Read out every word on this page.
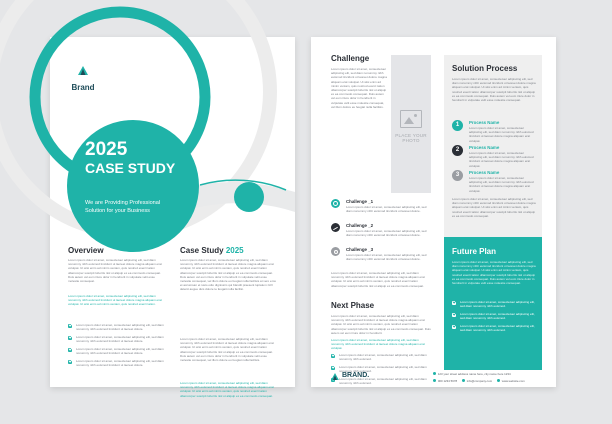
Brand
2025
CASE STUDY
We are Providing Professional
Solution for your Business
Overview

Lorem ipsum dolor sit amet, consectetuer adipiscing elit, sed diam nonummy nibh euismod tincidunt ut laoreet dolore magna aliquam erat volutpat. Ut wisi enim ad minim veniam, quis nostrud exerci tation ullamcorper suscipit lobortis nisl ut aliquip ex ea commodo consequat. Duis autem vel eum iriure dolor in hendrerit in vulputate velit esse molestie consequat.

Lorem ipsum dolor sit amet, consectetuer adipiscing elit, sed diam nonummy nibh euismod tincidunt ut laoreet dolore magna aliquam erat volutpat. Ut wisi enim ad minim veniam, quis nostrud exerci tation.

Lorem ipsum dolor sit amet, consectetuer adipiscing elit, sed diam nonummy nibh euismod tincidunt ut laoreet dolore.
Lorem ipsum dolor sit amet, consectetuer adipiscing elit, sed diam nonummy nibh euismod tincidunt ut laoreet dolore.
Lorem ipsum dolor sit amet, consectetuer adipiscing elit, sed diam nonummy nibh euismod tincidunt ut laoreet dolore.
Lorem ipsum dolor sit amet, consectetuer adipiscing elit, sed diam nonummy nibh euismod tincidunt ut laoreet dolore.
Case Study 2025

Lorem ipsum dolor sit amet, consectetuer adipiscing elit, sed diam nonummy nibh euismod tincidunt ut laoreet dolore magna aliquam erat volutpat. Ut wisi enim ad minim veniam, quis nostrud exerci tation ullamcorper suscipit lobortis nisl ut aliquip ex ea commodo consequat. Duis autem vel eum iriure dolor in hendrerit in vulputate velit esse molestie consequat, vel illum dolore eu feugiat nulla facilisis at vero eros et accumsan et iusto odio dignissim qui blandit praesent luptatum zzril delenit augue duis dolore te feugait nulla facilisi.

Lorem ipsum dolor sit amet, consectetuer adipiscing elit, sed diam nonummy nibh euismod tincidunt ut laoreet dolore magna aliquam erat volutpat. Ut wisi enim ad minim veniam, quis nostrud exerci tation ullamcorper suscipit lobortis nisl ut aliquip ex ea commodo consequat. Duis autem vel eum iriure dolor in hendrerit in vulputate velit esse molestie consequat, vel illum dolore eu feugiat nulla facilisis.

Lorem ipsum dolor sit amet, consectetuer adipiscing elit, sed diam nonummy nibh euismod tincidunt ut laoreet dolore magna aliquam erat volutpat. Ut wisi enim ad minim veniam, quis nostrud exerci tation ullamcorper suscipit lobortis nisl ut aliquip ex ea commodo consequat.

Challenge

Lorem ipsum dolor sit amet, consectetuer adipiscing elit, sed diam nonummy nibh euismod tincidunt ut laoreet dolore magna aliquam erat volutpat. Ut wisi enim ad minim veniam, quis nostrud exerci tation ullamcorper suscipit lobortis nisl ut aliquip ex ea commodo consequat. Duis autem vel eum iriure dolor in hendrerit in vulputate velit esse molestie consequat, vel illum dolore eu feugiat nulla facilisis.

PLACE YOUR
PHOTO
Challenge _1

Lorem ipsum dolor sit amet, consectetuer adipiscing elit, sed diam nonummy nibh euismod tincidunt ut laoreet dolore.

Challenge _2

Lorem ipsum dolor sit amet, consectetuer adipiscing elit, sed diam nonummy nibh euismod tincidunt ut laoreet dolore.

Challenge _3

Lorem ipsum dolor sit amet, consectetuer adipiscing elit, sed diam nonummy nibh euismod tincidunt ut laoreet dolore.

Lorem ipsum dolor sit amet, consectetuer adipiscing elit, sed diam nonummy nibh euismod tincidunt ut laoreet dolore magna aliquam erat volutpat. Ut wisi enim ad minim veniam, quis nostrud exerci tation ullamcorper suscipit lobortis nisl ut aliquip ex ea commodo consequat.

Next Phase

Lorem ipsum dolor sit amet, consectetuer adipiscing elit, sed diam nonummy nibh euismod tincidunt ut laoreet dolore magna aliquam erat volutpat. Ut wisi enim ad minim veniam, quis nostrud exerci tation ullamcorper suscipit lobortis nisl ut aliquip ex ea commodo consequat. Duis autem vel eum iriure dolor in hendrerit.

Lorem ipsum dolor sit amet, consectetuer adipiscing elit, sed diam nonummy nibh euismod tincidunt ut laoreet dolore magna aliquam erat volutpat.

Lorem ipsum dolor sit amet, consectetuer adipiscing elit, sed diam nonummy nibh euismod.
Lorem ipsum dolor sit amet, consectetuer adipiscing elit, sed diam nonummy nibh euismod.
Lorem ipsum dolor sit amet, consectetuer adipiscing elit, sed diam nonummy nibh euismod.
Solution Process

Lorem ipsum dolor sit amet, consectetuer adipiscing elit, sed diam nonummy nibh euismod tincidunt ut laoreet dolore magna aliquam erat volutpat. Ut wisi enim ad minim veniam, quis nostrud exerci tation ullamcorper suscipit lobortis nisl ut aliquip ex ea commodo consequat. Duis autem vel eum iriure dolor in hendrerit in vulputate velit esse molestie consequat.

1	Process Name

Lorem ipsum dolor sit amet, consectetuer adipiscing elit, sed diam nonummy nibh euismod tincidunt ut laoreet dolore magna aliquam erat volutpat.

2	Process Name

Lorem ipsum dolor sit amet, consectetuer adipiscing elit, sed diam nonummy nibh euismod tincidunt ut laoreet dolore magna aliquam erat volutpat.

3	Process Name

Lorem ipsum dolor sit amet, consectetuer adipiscing elit, sed diam nonummy nibh euismod tincidunt ut laoreet dolore magna aliquam erat volutpat.

Lorem ipsum dolor sit amet, consectetuer adipiscing elit, sed diam nonummy nibh euismod tincidunt ut laoreet dolore magna aliquam erat volutpat. Ut wisi enim ad minim veniam, quis nostrud exerci tation ullamcorper suscipit lobortis nisl ut aliquip ex ea commodo consequat.

Future Plan

Lorem ipsum dolor sit amet, consectetuer adipiscing elit, sed diam nonummy nibh euismod tincidunt ut laoreet dolore magna aliquam erat volutpat. Ut wisi enim ad minim veniam, quis nostrud exerci tation ullamcorper suscipit lobortis nisl ut aliquip ex ea commodo consequat. Duis autem vel eum iriure dolor in hendrerit in vulputate velit esse molestie consequat.

Lorem ipsum dolor sit amet, consectetuer adipiscing elit, sed diam nonummy nibh euismod.
Lorem ipsum dolor sit amet, consectetuer adipiscing elit, sed diam nonummy nibh euismod.
Lorem ipsum dolor sit amet, consectetuer adipiscing elit, sed diam nonummy nibh euismod.
BRAND.	123 your street address name here, city name here 1234
000 1234 5678	info@company.com	www.website.com
